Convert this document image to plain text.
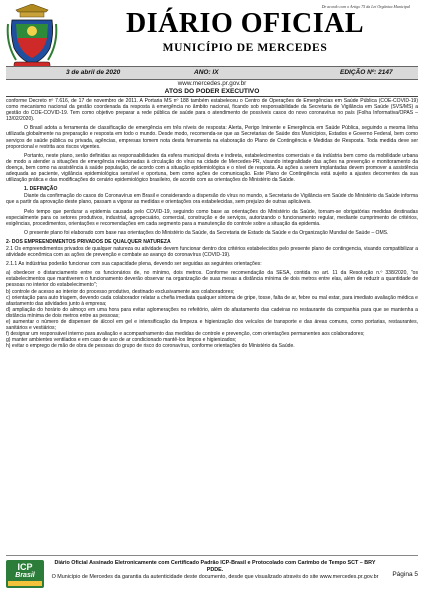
De acordo com o Artigo 75 da Lei Orgânica Municipal
DIÁRIO OFICIAL
MUNICÍPIO DE MERCEDES
3 de abril de 2020	ANO: IX	EDIÇÃO Nº: 2147
www.mercedes.pr.gov.br
ATOS DO PODER EXECUTIVO

conforme Decreto nº 7.616, de 17 de novembro de 2011. A Portaria MS nº 188 também estabeleceu o Centro de Operações de Emergências em Saúde Pública (COE-COVID-19) como mecanismo nacional da gestão coordenada da resposta à emergência no âmbito nacional, ficando sob responsabilidade da Secretaria de Vigilância em Saúde (SVS/MS) a gestão do COE-COVID-19. Tem como objetivo preparar a rede pública de saúde para o atendimento de possíveis casos do novo coronavírus no país (Folha Informativa/OPAS – 13/02/2020).

O Brasil adota a ferramenta de classificação de emergência em três níveis de resposta: Alerta, Perigo Iminente e Emergência em Saúde Pública, seguindo a mesma linha utilizada globalmente na preparação e resposta em todo o mundo. Desde modo, recomenda-se que as Secretarias de Saúde dos Municípios, Estados e Governo Federal, bem como serviços de saúde pública ou privada, agências, empresas tomem nota desta ferramenta na elaboração do Plano de Contingência e Medidas de Resposta. Toda medida deve ser proporcional e restrita aos riscos vigentes.

Portanto, neste plano, serão definidas as responsabilidades da esfera municipal direta e indireta, estabelecimentos comerciais e da indústria bem como da mobilidade urbana de modo a atender a situações de emergência relacionadas à circulação do vírus na cidade de Mercedes-PR, visando integralidade das ações na prevenção e monitoramento da doença, bem como na assistência à saúde população, de acordo com a situação epidemiológica e o nível de resposta. As ações a serem implantadas devem promover a assistência adequada ao paciente, vigilância epidemiológica sensível e oportuna, bem como ações de comunicação. Este Plano de Contingência está sujeito a ajustes decorrentes da sua utilização prática e das modificações do cenário epidemiológico brasileiro, de acordo com as orientações do Ministério da Saúde.

1. DEFINIÇÃO

Diante da confirmação do casos do Coronavírus em Brasil e considerando a dispersão do vírus no mundo, a Secretaria de Vigilância em Saúde do Ministério da Saúde informa que a partir da aprovação deste plano, passam a vigorar as medidas e orientações ora estabelecidas, sem prejuízo de outras aplicáveis.

Pelo tempo que perdurar a epidemia causada pelo COVID-19, seguindo como base as orientações do Ministério da Saúde, tornam-se obrigatórias medidas destinadas especialmente para os setores produtivos, industrial, agropecuário, comercial, construção e de serviços, autorizando o funcionamento regular, mediante cumprimento de critérios, exigências, procedimentos, orientações e recomendações em cada segmento para a manutenção do controle sobre a situação da epidemia.

O presente plano foi elaborado com base nas orientações do Ministério da Saúde, da Secretaria de Estado da Saúde e da Organização Mundial de Saúde – OMS.

2- DOS EMPREENDIMENTOS PRIVADOS DE QUALQUER NATUREZA

2.1 Os empreendimentos privados de qualquer natureza ou atividade devem funcionar dentro dos critérios estabelecidos pelo presente plano de contingencia, visando compatibilizar a atividade econômica com as ações de prevenção e combate ao avanço do coronavírus (COVID-19).

2.1.1 As indústrias poderão funcionar com sua capacidade plena, devendo ser seguidas as seguintes orientações:

a) obedecer o distanciamento entre os funcionários de, no mínimo, dois metros. Conforme recomendação da SESA, contida no art. 11 da Resolução n.º 338/2020, "os estabelecimentos que mantiverem o funcionamento deverão observar na organização de suas mesas a distância mínima de dois metros entre elas, além de reduzir a quantidade de pessoas no interior do estabelecimento";

b) controle de acesso ao interior do processo produtivo, destinado exclusivamente aos colaboradores;

c) orientação para auto triagem, devendo cada colaborador relatar a chefia imediata qualquer sintoma de gripe, tosse, falta de ar, febre ou mal estar, para imediato avaliação médica e afastamento das atividades junto à empresa;

d) ampliação do horário do almoço em uma hora para evitar aglomerações no refeitório, além do afastamento das cadeiras no restaurante da companhia para que se mantenha a distância mínima de dois metros entre as pessoas;

e) aumentar o número de dispenser de álcool em gel e intensificação da limpeza e higienização dos veículos de transporte e das áreas comuns, como portarias, restaurantes, sanitários e vestiários;

f) designar um responsável interno para avaliação e acompanhamento das medidas de controle e prevenção, com orientações permanentes aos colaboradores;

g) manter ambientes ventilados e em caso de uso de ar condicionado mantê-los limpos e higienizados;

h) evitar o emprego de mão de obra de pessoas do grupo de risco do coronavírus, conforme orientações do Ministério da Saúde.

ICP
Brasil
Diário Oficial Assinado Eletronicamente com Certificado Padrão ICP-Brasil e Protocolado com Carimbo de Tempo SCT – BRY PDDE.
O Município de Mercedes da garantia da autenticidade deste documento, desde que visualizado através do site www.mercedes.pr.gov.br	Página 5
